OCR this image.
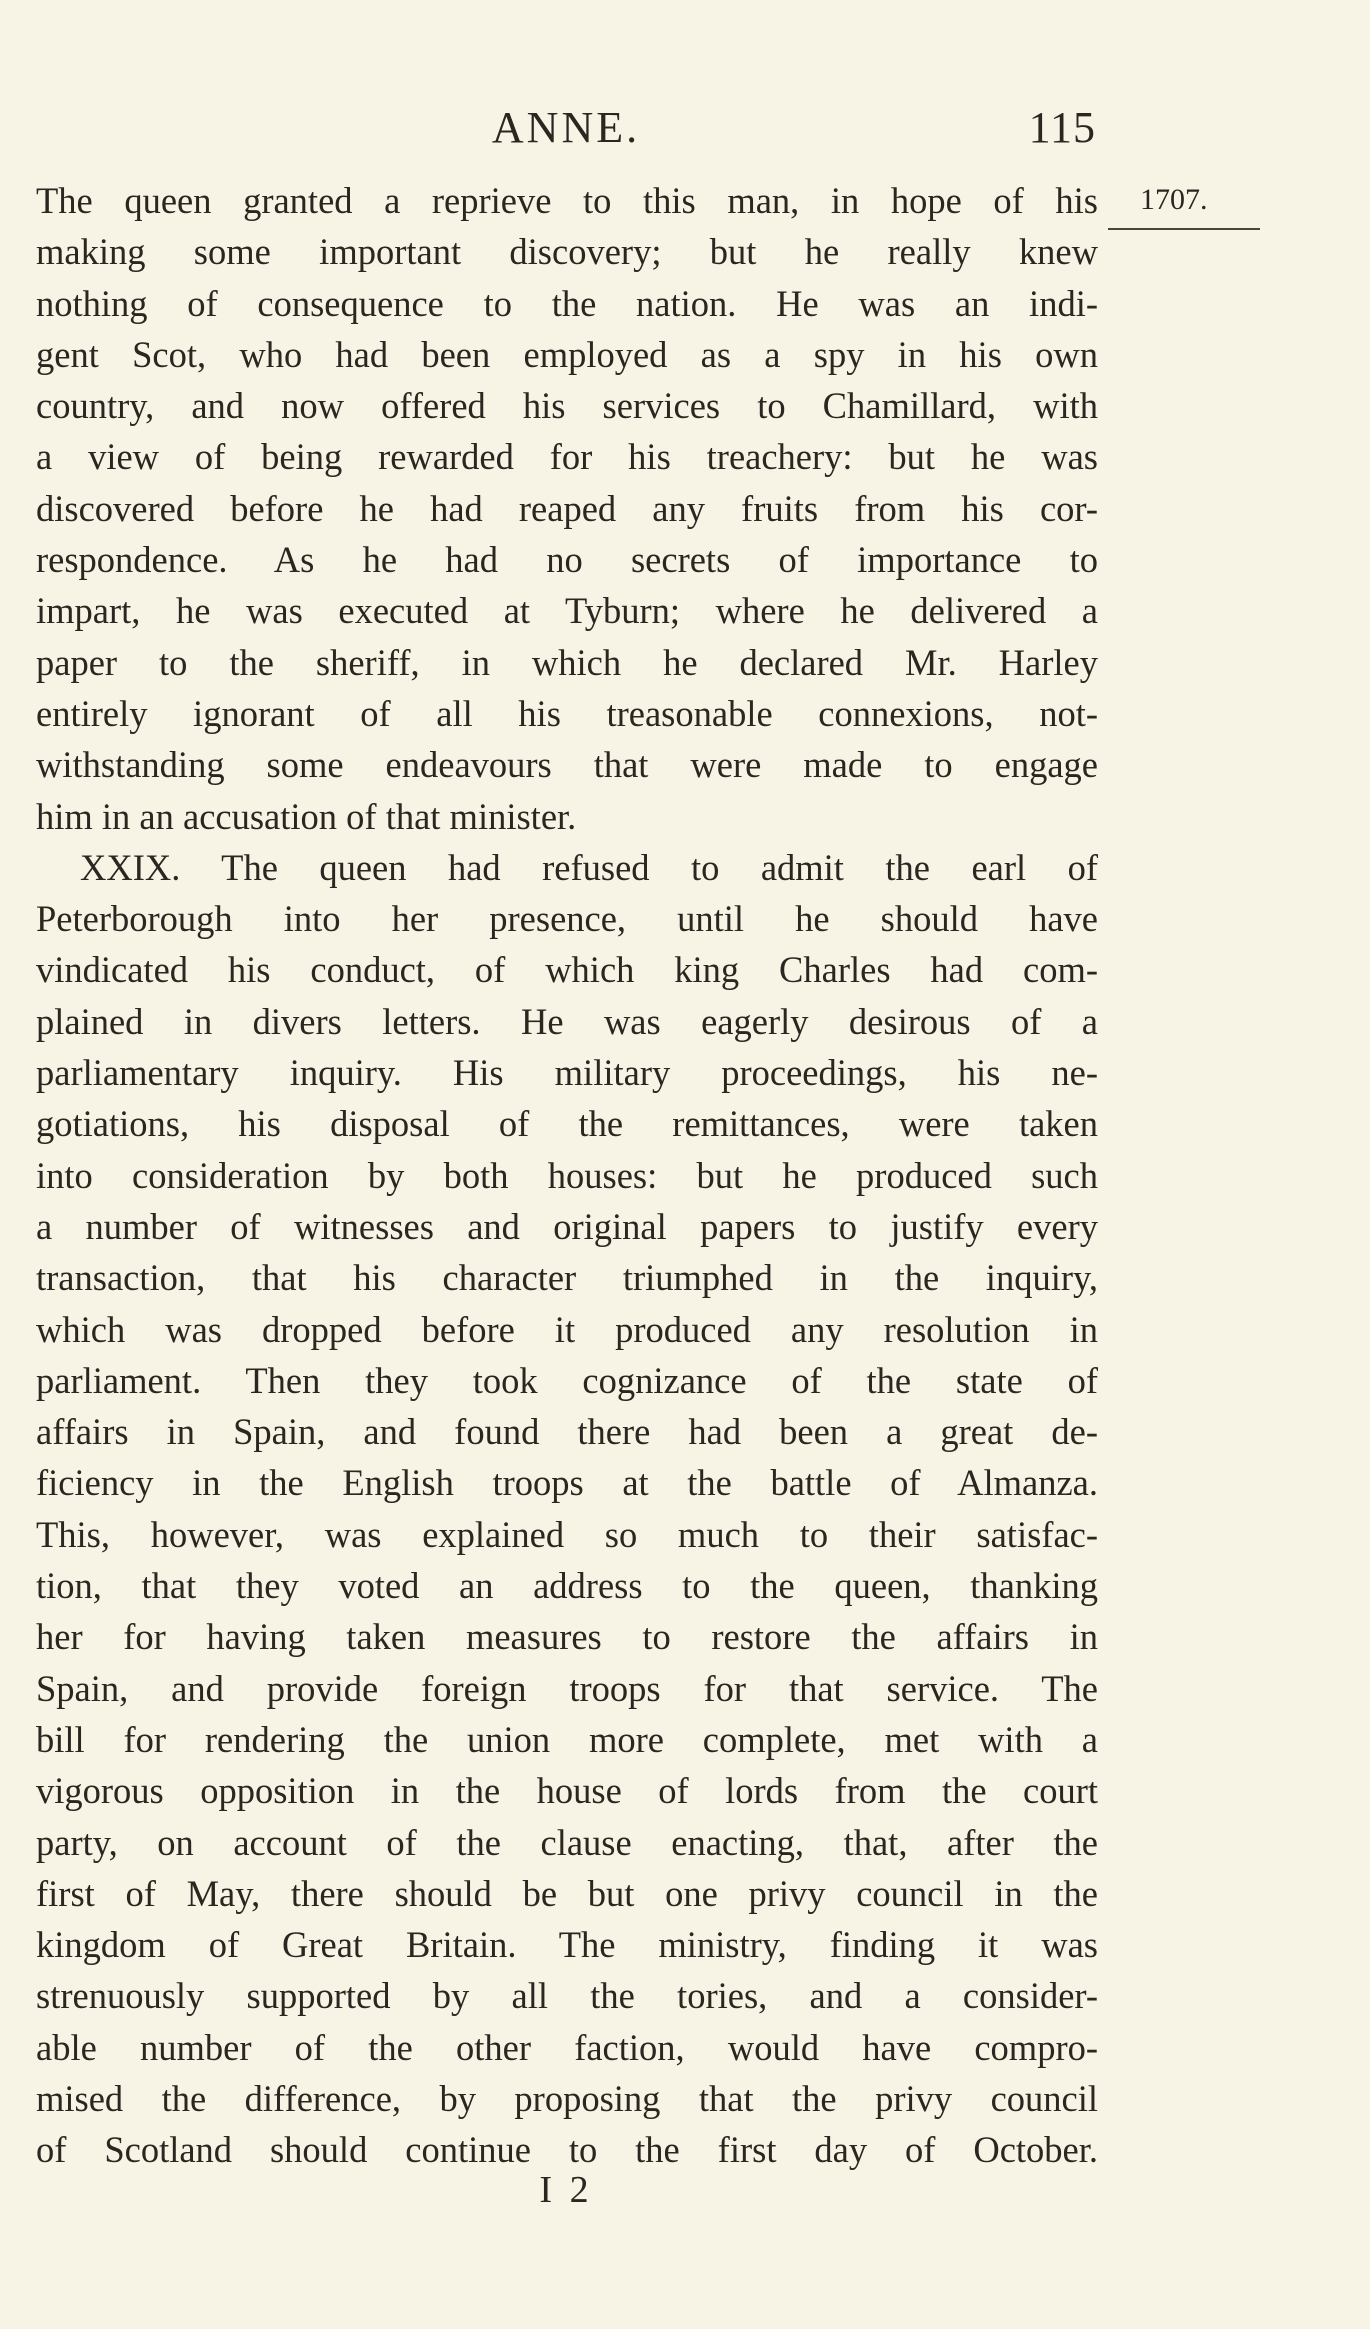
ANNE.	115
1707.
The queen granted a reprieve to this man, in hope of his
making some important discovery; but he really knew
nothing of consequence to the nation. He was an indi-
gent Scot, who had been employed as a spy in his own
country, and now offered his services to Chamillard, with
a view of being rewarded for his treachery: but he was
discovered before he had reaped any fruits from his cor-
respondence. As he had no secrets of importance to
impart, he was executed at Tyburn; where he delivered a
paper to the sheriff, in which he declared Mr. Harley
entirely ignorant of all his treasonable connexions, not-
withstanding some endeavours that were made to engage
him in an accusation of that minister.
XXIX. The queen had refused to admit the earl of
Peterborough into her presence, until he should have
vindicated his conduct, of which king Charles had com-
plained in divers letters. He was eagerly desirous of a
parliamentary inquiry. His military proceedings, his ne-
gotiations, his disposal of the remittances, were taken
into consideration by both houses: but he produced such
a number of witnesses and original papers to justify every
transaction, that his character triumphed in the inquiry,
which was dropped before it produced any resolution in
parliament. Then they took cognizance of the state of
affairs in Spain, and found there had been a great de-
ficiency in the English troops at the battle of Almanza.
This, however, was explained so much to their satisfac-
tion, that they voted an address to the queen, thanking
her for having taken measures to restore the affairs in
Spain, and provide foreign troops for that service. The
bill for rendering the union more complete, met with a
vigorous opposition in the house of lords from the court
party, on account of the clause enacting, that, after the
first of May, there should be but one privy council in the
kingdom of Great Britain. The ministry, finding it was
strenuously supported by all the tories, and a consider-
able number of the other faction, would have compro-
mised the difference, by proposing that the privy council
of Scotland should continue to the first day of October.
I 2
